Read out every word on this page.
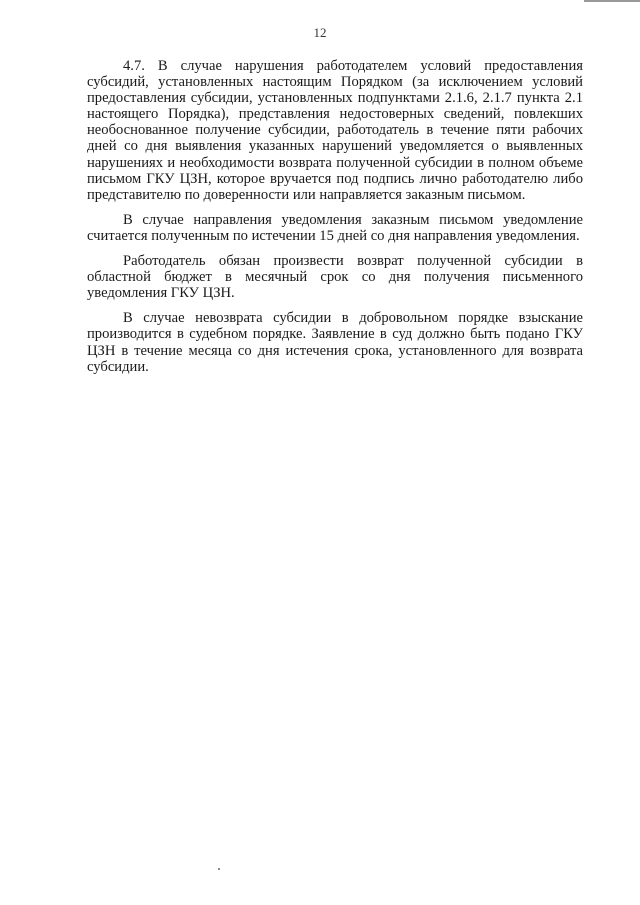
12

4.7. В случае нарушения работодателем условий предоставления субсидий, установленных настоящим Порядком (за исключением условий предоставления субсидии, установленных подпунктами 2.1.6, 2.1.7 пункта 2.1 настоящего Порядка), представления недостоверных сведений, повлекших необоснованное получение субсидии, работодатель в течение пяти рабочих дней со дня выявления указанных нарушений уведомляется о выявленных нарушениях и необходимости возврата полученной субсидии в полном объеме письмом ГКУ ЦЗН, которое вручается под подпись лично работодателю либо представителю по доверенности или направляется заказным письмом.

В случае направления уведомления заказным письмом уведомление считается полученным по истечении 15 дней со дня направления уведомления.

Работодатель обязан произвести возврат полученной субсидии в областной бюджет в месячный срок со дня получения письменного уведомления ГКУ ЦЗН.

В случае невозврата субсидии в добровольном порядке взыскание производится в судебном порядке. Заявление в суд должно быть подано ГКУ ЦЗН в течение месяца со дня истечения срока, установленного для возврата субсидии.
